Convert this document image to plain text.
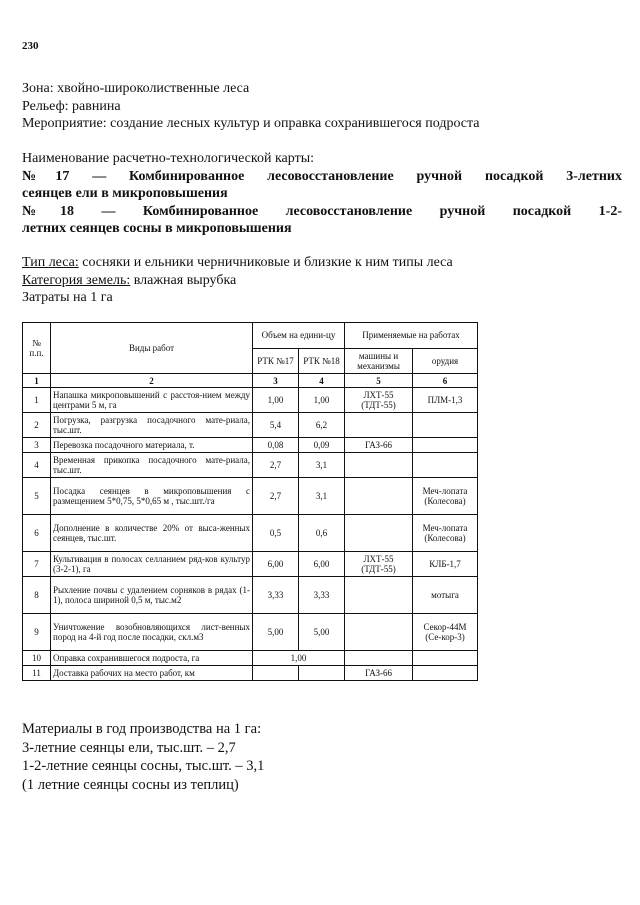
230
Зона: хвойно-широколиственные леса
Рельеф: равнина
Мероприятие: создание лесных культур и оправка сохранившегося подроста
Наименование расчетно-технологической карты:
№17 — Комбинированное лесовосстановление ручной посадкой 3-летних
сеянцев ели в микроповышения
№18 — Комбинированное лесовосстановление ручной посадкой 1-2-
летних сеянцев сосны в микроповышения
Тип леса: сосняки и ельники черничниковые и близкие к ним типы леса
Категория земель: влажная вырубка
Затраты на 1 га
№ п.п.	Виды работ	Объем на едини-цу		Применяемые на работах	
		РТК №17	РТК №18	машины и механизмы	орудия
1	2	3	4	5	6
1	Напашка микроповышений с расстоя-нием между центрами 5 м, га	1,00	1,00	ЛХТ-55 (ТДТ-55)	ПЛМ-1,3
2	Погрузка, разгрузка посадочного мате-риала, тыс.шт.	5,4	6,2		
3	Перевозка посадочного материала, т.	0,08	0,09	ГАЗ-66	
4	Временная прикопка посадочного мате-риала, тыс.шт.	2,7	3,1		
5	Посадка сеянцев в микроповышения с размещением 5*0,75, 5*0,65 м , тыс.шт./га	2,7	3,1		Меч-лопата (Колесова)
6	Дополнение в количестве 20% от выса-женных сеянцев, тыс.шт.	0,5	0,6		Меч-лопата (Колесова)
7	Культивация в полосах селланием ряд-ков культур (3-2-1), га	6,00	6,00	ЛХТ-55 (ТДТ-55)	КЛБ-1,7
8	Рыхление почвы с удалением сорняков в рядах (1-1), полоса шириной 0,5 м, тыс.м2	3,33	3,33		мотыга
9	Уничтожение возобновляющихся лист-венных пород на 4-й год после посадки, скл.м3	5,00	5,00		Секор-44М (Се-кор-3)
10	Оправка сохранившегося подроста, га	1,00			
11	Доставка рабочих на место работ, км			ГАЗ-66	
Материалы в год производства на 1 га:
3-летние сеянцы ели, тыс.шт. – 2,7
1-2-летние сеянцы сосны, тыс.шт. – 3,1
(1 летние сеянцы сосны из теплиц)
